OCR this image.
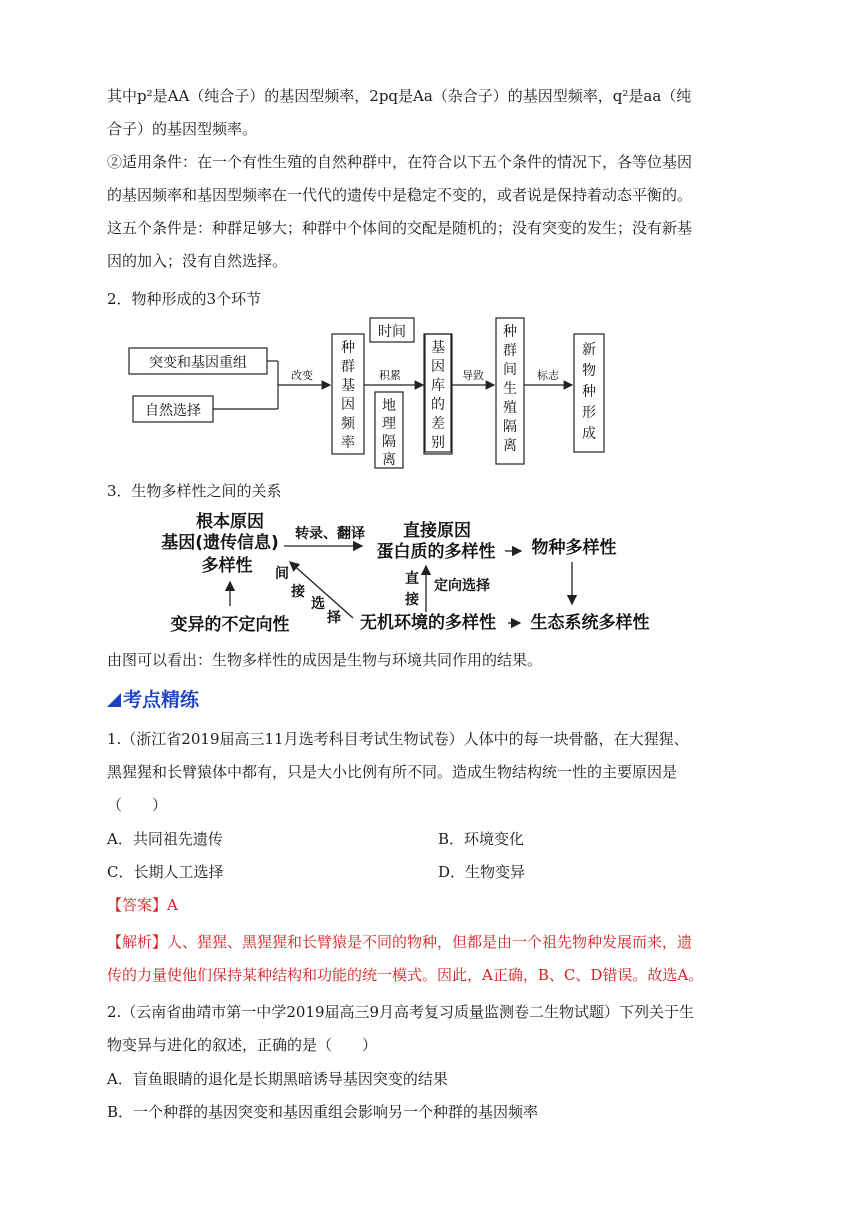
其中p²是AA（纯合子）的基因型频率，2pq是Aa（杂合子）的基因型频率，q²是aa（纯
合子）的基因型频率。
②适用条件：在一个有性生殖的自然种群中，在符合以下五个条件的情况下，各等位基因
的基因频率和基因型频率在一代代的遗传中是稳定不变的，或者说是保持着动态平衡的。
这五个条件是：种群足够大；种群中个体间的交配是随机的；没有突变的发生；没有新基
因的加入；没有自然选择。
2．物种形成的3个环节
突变和基因重组
自然选择
改变	积累
时间
种
群
基
因
频
率
地
理
隔
离
导致	标志
基
因
库
的
差
别
种
群
间
生
殖
隔
离
新
物
种
形
成
3．生物多样性之间的关系
根本原因
基因(遗传信息)
多样性
转录、翻译 直接原因
蛋白质的多样性 物种多样性
定向选择
变异的不定向性	无机环境的多样性 生态系统多样性
直
接
间
接
选
择
由图可以看出：生物多样性的成因是生物与环境共同作用的结果。
考点精练
1.（浙江省2019届高三11月选考科目考试生物试卷）人体中的每一块骨骼，在大猩猩、
黑猩猩和长臂猿体中都有，只是大小比例有所不同。造成生物结构统一性的主要原因是
（　　）
A．共同祖先遗传	B．环境变化
C．长期人工选择	D．生物变异
【答案】A
【解析】人、猩猩、黑猩猩和长臂猿是不同的物种，但都是由一个祖先物种发展而来，遗
传的力量使他们保持某种结构和功能的统一模式。因此，A正确，B、C、D错误。故选A。
2.（云南省曲靖市第一中学2019届高三9月高考复习质量监测卷二生物试题）下列关于生
物变异与进化的叙述，正确的是（　　）
A．盲鱼眼睛的退化是长期黑暗诱导基因突变的结果
B．一个种群的基因突变和基因重组会影响另一个种群的基因频率
